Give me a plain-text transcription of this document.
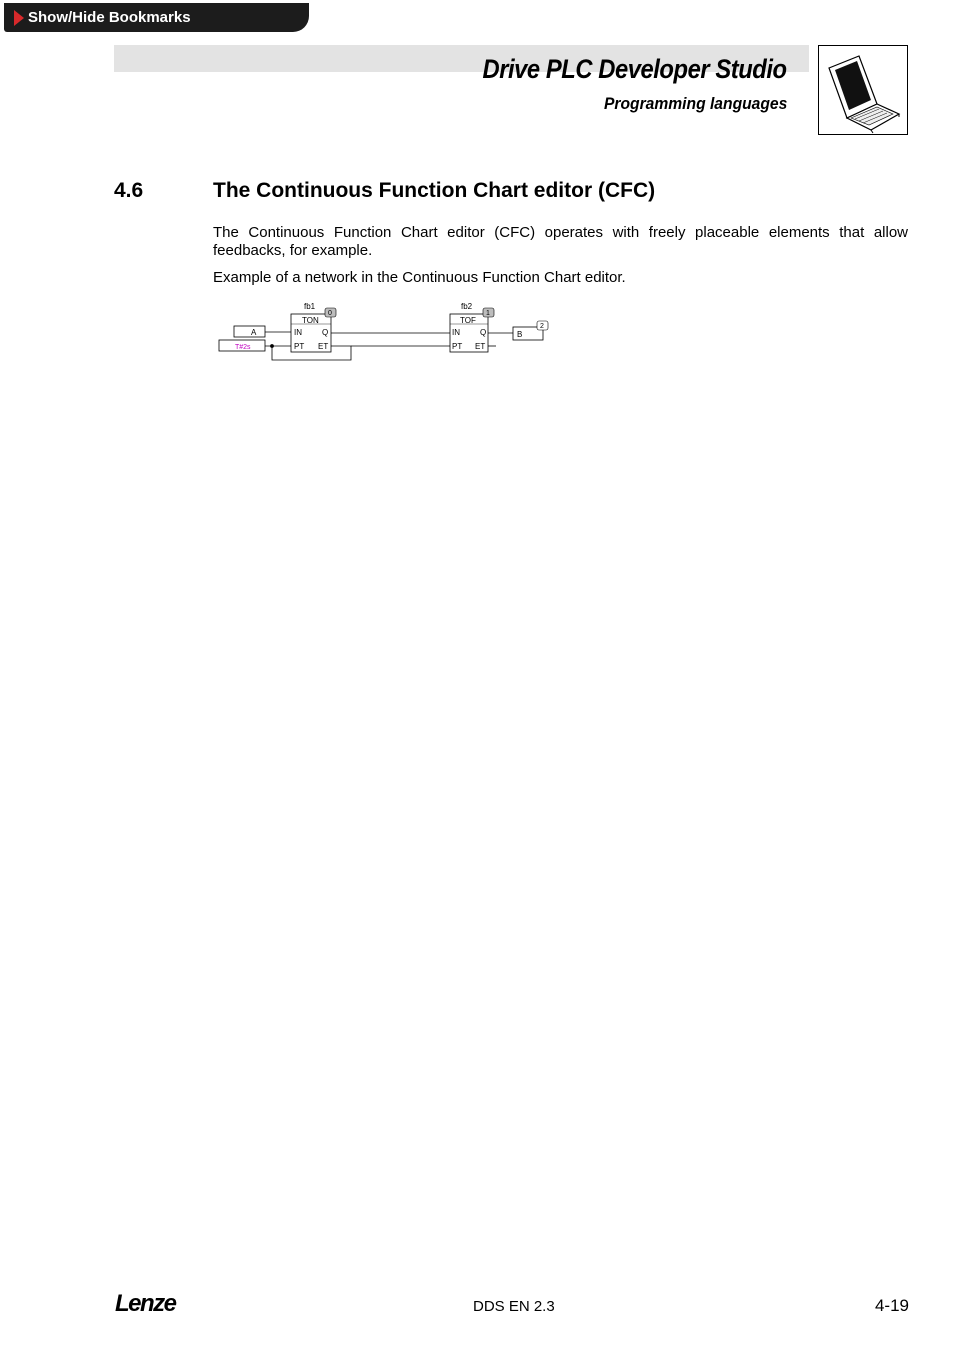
Show/Hide Bookmarks
Drive PLC Developer Studio
Programming languages
4.6	The Continuous Function Chart editor (CFC)

The Continuous Function Chart editor (CFC) operates with freely placeable elements that allow feedbacks, for example.

Example of a network in the Continuous Function Chart editor.

A
T#2s
fb1
TON
IN
PT
Q
ET
0
fb2
TOF
IN
PT
Q
ET
1
B
2
Lenze	DDS EN 2.3	4-19
